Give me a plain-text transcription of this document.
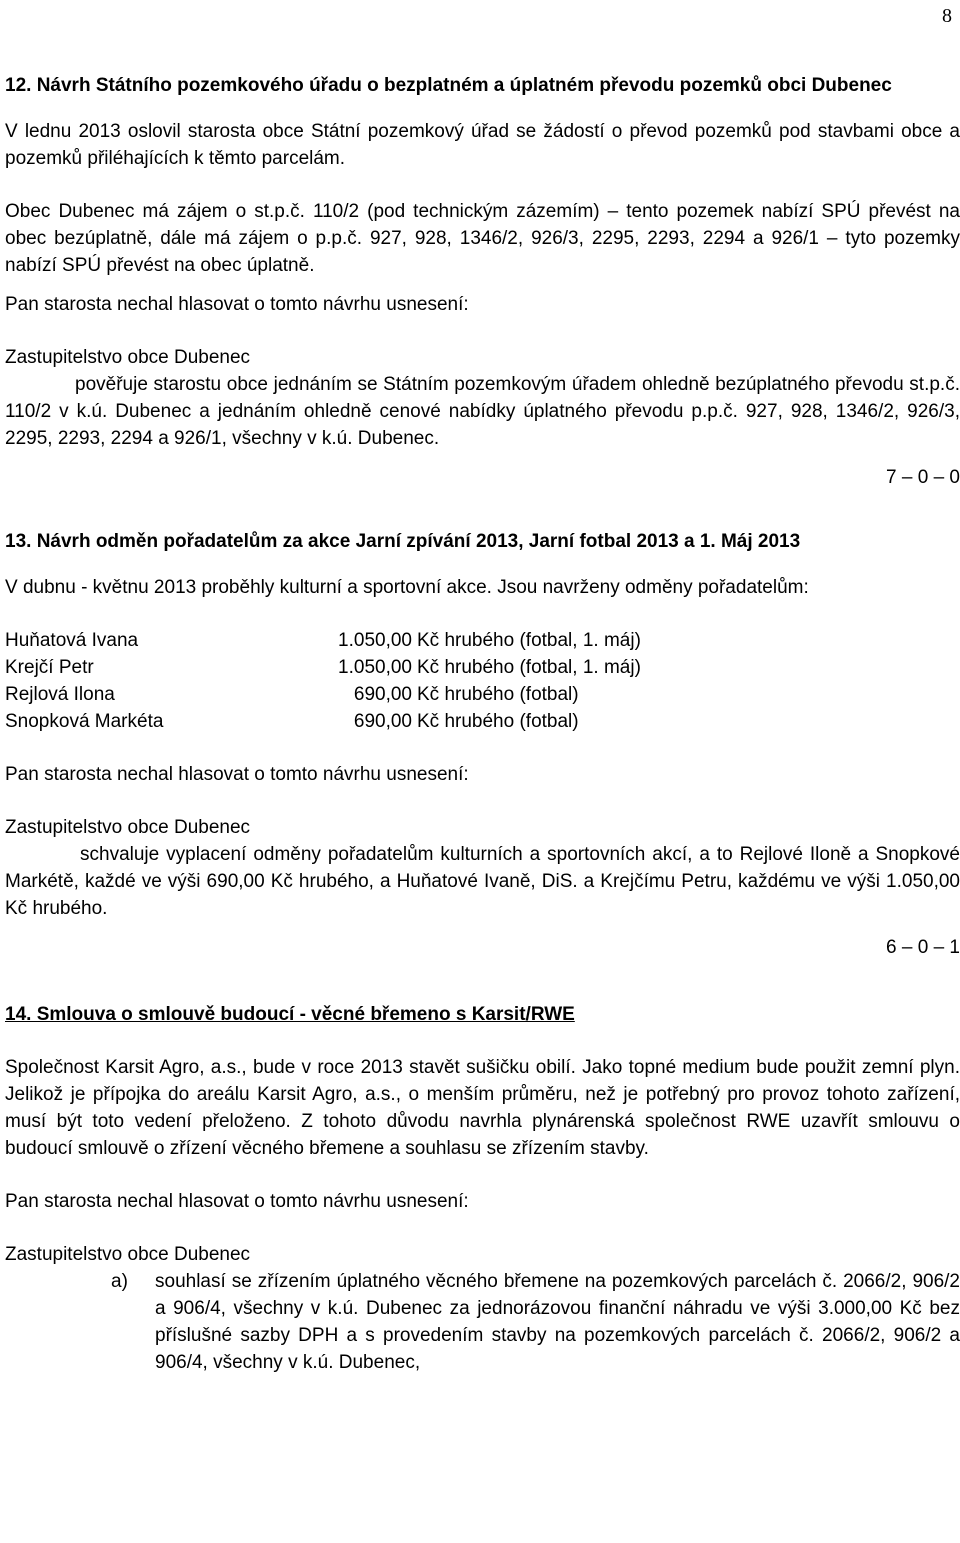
8

12. Návrh Státního pozemkového úřadu o bezplatném a úplatném převodu pozemků obci Dubenec

V lednu 2013 oslovil starosta obce Státní pozemkový úřad se žádostí o převod pozemků pod stavbami obce a pozemků přiléhajících k těmto parcelám.

Obec Dubenec má zájem o st.p.č. 110/2 (pod technickým zázemím) – tento pozemek nabízí SPÚ převést na obec bezúplatně, dále má zájem o p.p.č. 927, 928, 1346/2, 926/3, 2295, 2293, 2294 a 926/1 – tyto pozemky nabízí SPÚ převést na obec úplatně.

Pan starosta nechal hlasovat o tomto návrhu usnesení:

Zastupitelstvo obce Dubenec

pověřuje starostu obce jednáním se Státním pozemkovým úřadem ohledně bezúplatného převodu st.p.č. 110/2 v k.ú. Dubenec a jednáním ohledně cenové nabídky úplatného převodu p.p.č. 927, 928, 1346/2, 926/3, 2295, 2293, 2294 a 926/1, všechny v k.ú. Dubenec.

7 – 0 – 0

13. Návrh odměn pořadatelům za akce Jarní zpívání 2013, Jarní fotbal 2013 a 1. Máj 2013

V dubnu - květnu 2013 proběhly kulturní a sportovní akce. Jsou navrženy odměny pořadatelům:

Huňatová Ivana	1.050,00 Kč hrubého (fotbal, 1. máj)
Krejčí Petr	1.050,00 Kč hrubého (fotbal, 1. máj)
Rejlová Ilona	690,00 Kč hrubého (fotbal)
Snopková Markéta	690,00 Kč hrubého (fotbal)

Pan starosta nechal hlasovat o tomto návrhu usnesení:

Zastupitelstvo obce Dubenec

schvaluje vyplacení odměny pořadatelům kulturních a sportovních akcí, a to Rejlové Iloně a Snopkové Markétě, každé ve výši 690,00 Kč hrubého, a Huňatové Ivaně, DiS. a Krejčímu Petru, každému ve výši 1.050,00 Kč hrubého.

6 – 0 – 1

14. Smlouva o smlouvě budoucí - věcné břemeno s Karsit/RWE

Společnost Karsit Agro, a.s., bude v roce 2013 stavět sušičku obilí. Jako topné medium bude použit zemní plyn. Jelikož je přípojka do areálu Karsit Agro, a.s., o menším průměru, než je potřebný pro provoz tohoto zařízení, musí být toto vedení přeloženo. Z tohoto důvodu navrhla plynárenská společnost RWE uzavřít smlouvu o budoucí smlouvě o zřízení věcného břemene a souhlasu se zřízením stavby.

Pan starosta nechal hlasovat o tomto návrhu usnesení:

Zastupitelstvo obce Dubenec

a)	souhlasí se zřízením úplatného věcného břemene na pozemkových parcelách č. 2066/2, 906/2 a 906/4, všechny v k.ú. Dubenec za jednorázovou finanční náhradu ve výši 3.000,00 Kč bez příslušné sazby DPH a s provedením stavby na pozemkových parcelách č. 2066/2, 906/2 a 906/4, všechny v k.ú. Dubenec,
